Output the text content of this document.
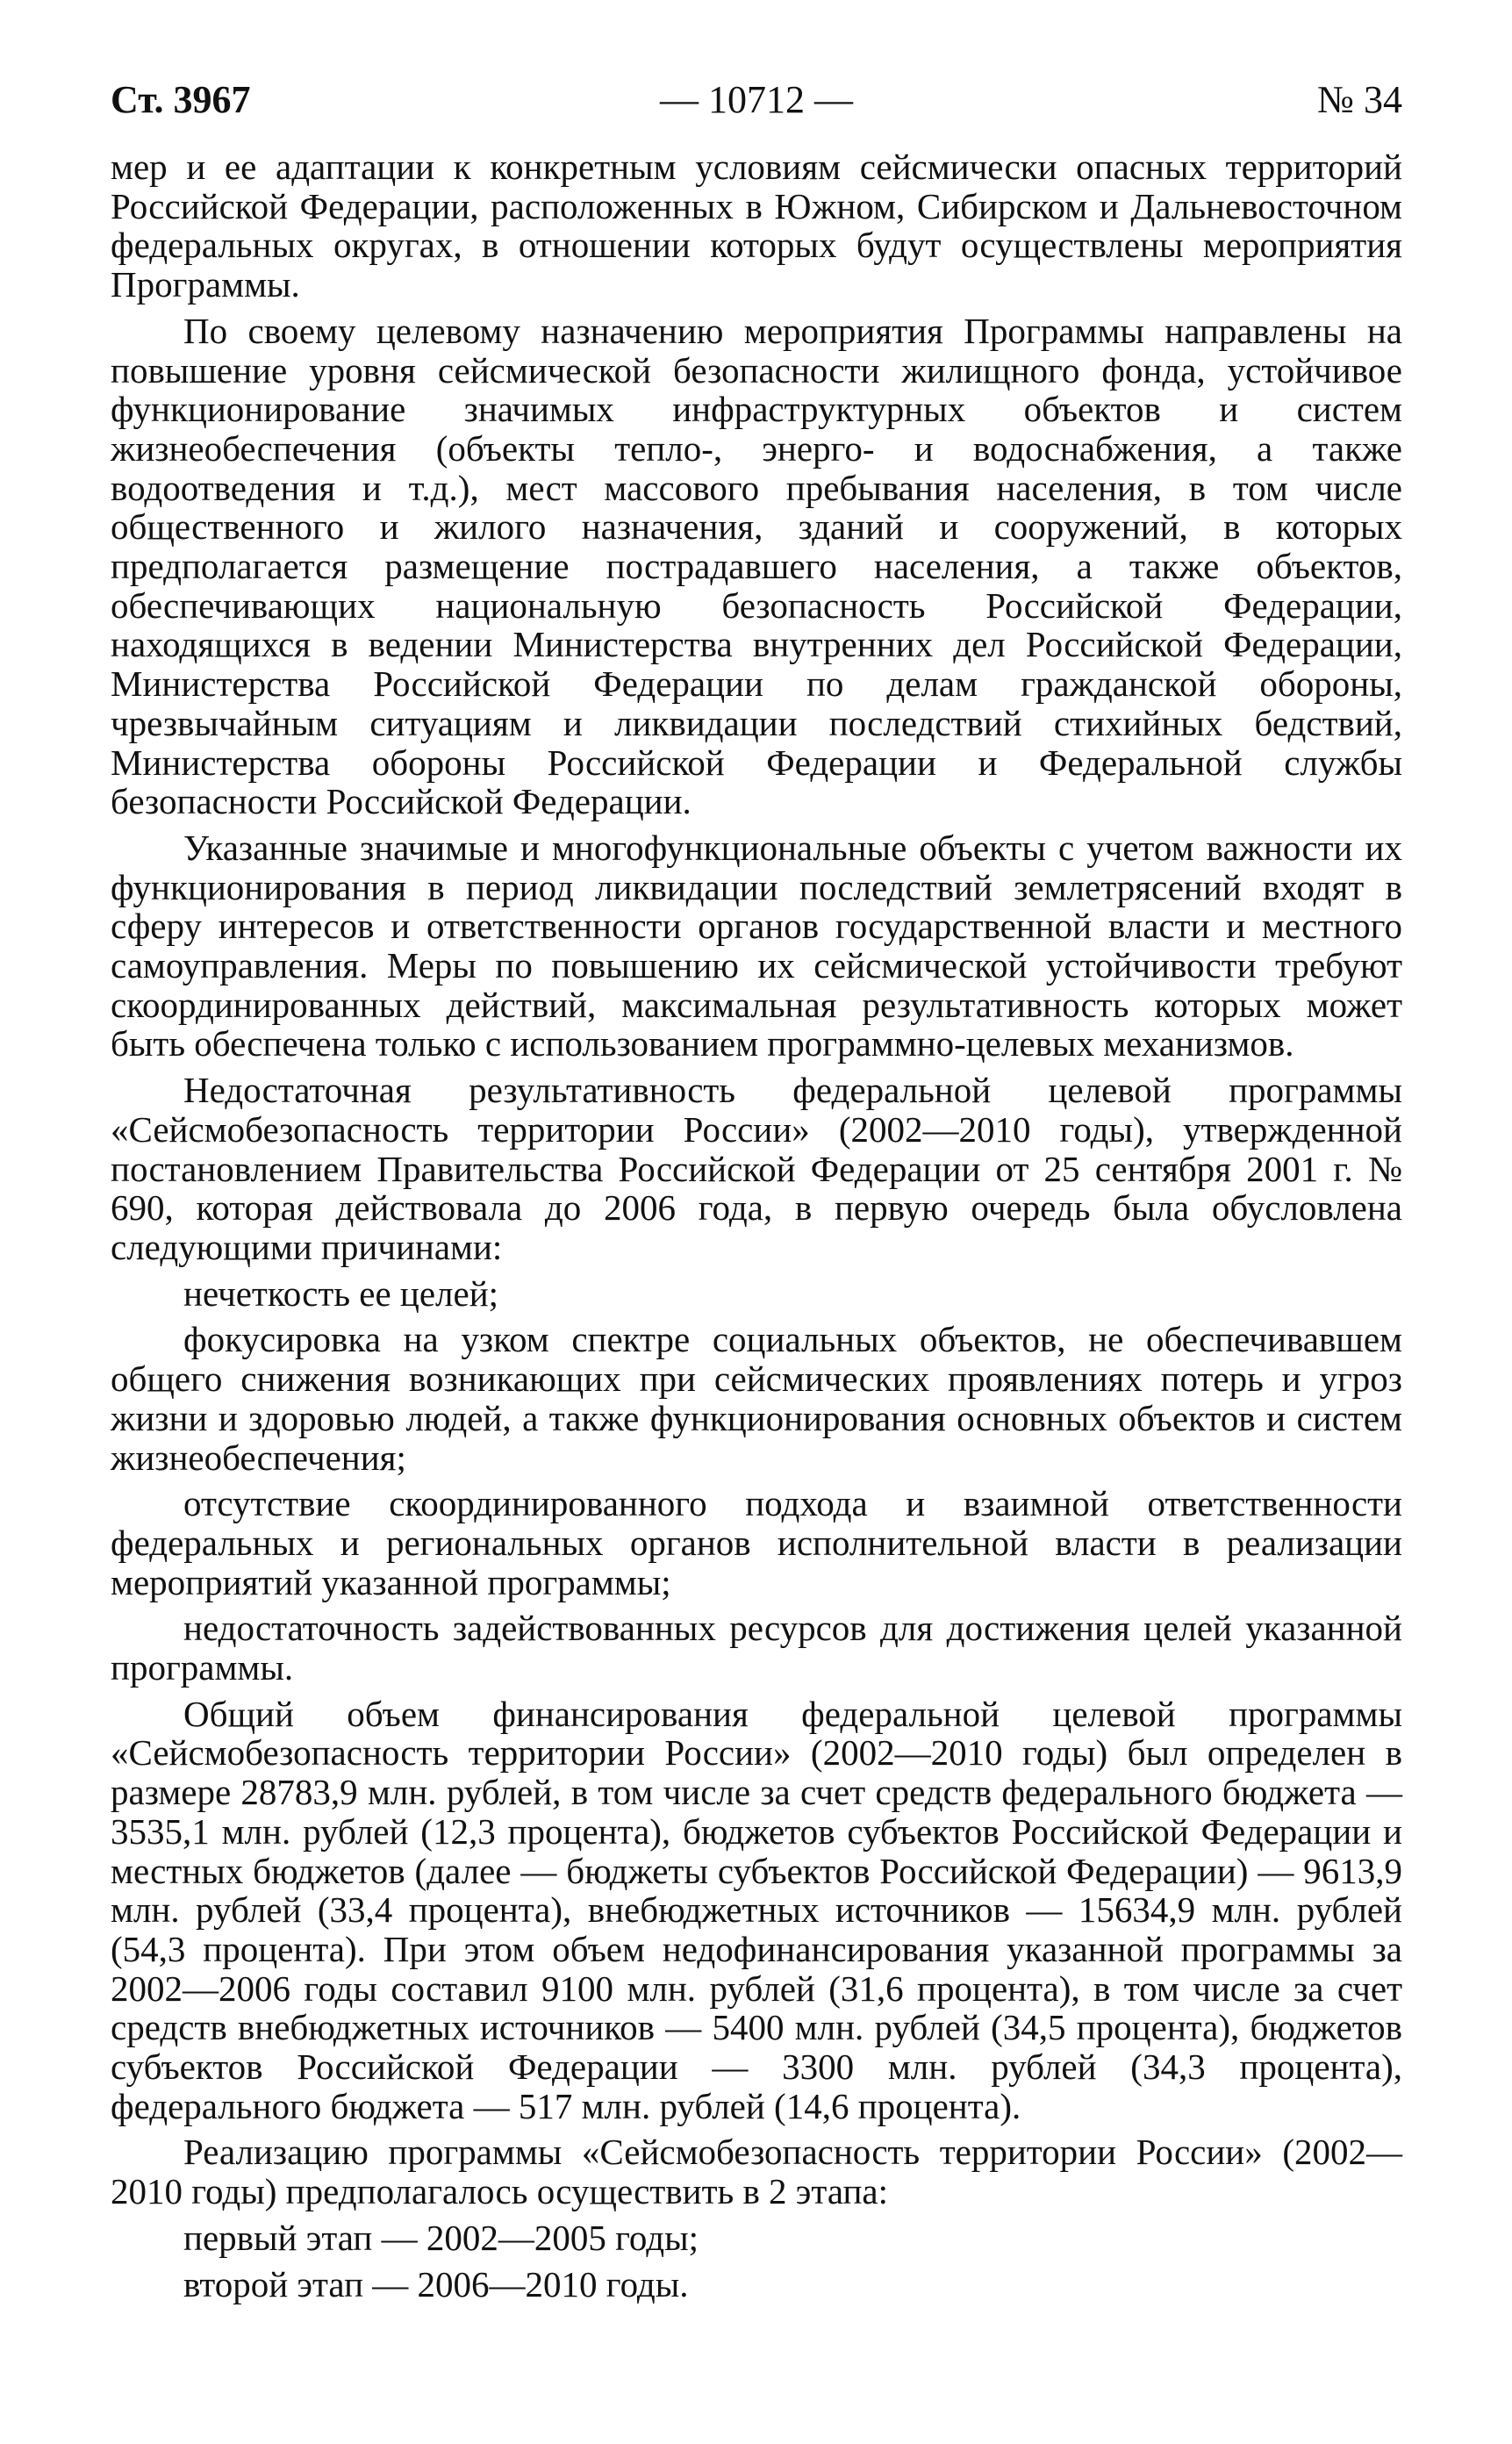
Ст. 3967	— 10712 —	№ 34

мер и ее адаптации к конкретным условиям сейсмически опасных территорий Российской Федерации, расположенных в Южном, Сибирском и Дальневосточном федеральных округах, в отношении которых будут осуществлены мероприятия Программы.

По своему целевому назначению мероприятия Программы направлены на повышение уровня сейсмической безопасности жилищного фонда, устойчивое функционирование значимых инфраструктурных объектов и систем жизнеобеспечения (объекты тепло-, энерго- и водоснабжения, а также водоотведения и т.д.), мест массового пребывания населения, в том числе общественного и жилого назначения, зданий и сооружений, в которых предполагается размещение пострадавшего населения, а также объектов, обеспечивающих национальную безопасность Российской Федерации, находящихся в ведении Министерства внутренних дел Российской Федерации, Министерства Российской Федерации по делам гражданской обороны, чрезвычайным ситуациям и ликвидации последствий стихийных бедствий, Министерства обороны Российской Федерации и Федеральной службы безопасности Российской Федерации.

Указанные значимые и многофункциональные объекты с учетом важности их функционирования в период ликвидации последствий землетрясений входят в сферу интересов и ответственности органов государственной власти и местного самоуправления. Меры по повышению их сейсмической устойчивости требуют скоординированных действий, максимальная результативность которых может быть обеспечена только с использованием программно-целевых механизмов.

Недостаточная результативность федеральной целевой программы «Сейсмобезопасность территории России» (2002—2010 годы), утвержденной постановлением Правительства Российской Федерации от 25 сентября 2001 г. № 690, которая действовала до 2006 года, в первую очередь была обусловлена следующими причинами:

нечеткость ее целей;

фокусировка на узком спектре социальных объектов, не обеспечивавшем общего снижения возникающих при сейсмических проявлениях потерь и угроз жизни и здоровью людей, а также функционирования основных объектов и систем жизнеобеспечения;

отсутствие скоординированного подхода и взаимной ответственности федеральных и региональных органов исполнительной власти в реализации мероприятий указанной программы;

недостаточность задействованных ресурсов для достижения целей указанной программы.

Общий объем финансирования федеральной целевой программы «Сейсмобезопасность территории России» (2002—2010 годы) был определен в размере 28783,9 млн. рублей, в том числе за счет средств федерального бюджета — 3535,1 млн. рублей (12,3 процента), бюджетов субъектов Российской Федерации и местных бюджетов (далее — бюджеты субъектов Российской Федерации) — 9613,9 млн. рублей (33,4 процента), внебюджетных источников — 15634,9 млн. рублей (54,3 процента). При этом объем недофинансирования указанной программы за 2002—2006 годы составил 9100 млн. рублей (31,6 процента), в том числе за счет средств внебюджетных источников — 5400 млн. рублей (34,5 процента), бюджетов субъектов Российской Федерации — 3300 млн. рублей (34,3 процента), федерального бюджета — 517 млн. рублей (14,6 процента).

Реализацию программы «Сейсмобезопасность территории России» (2002—2010 годы) предполагалось осуществить в 2 этапа:

первый этап — 2002—2005 годы;

второй этап — 2006—2010 годы.
